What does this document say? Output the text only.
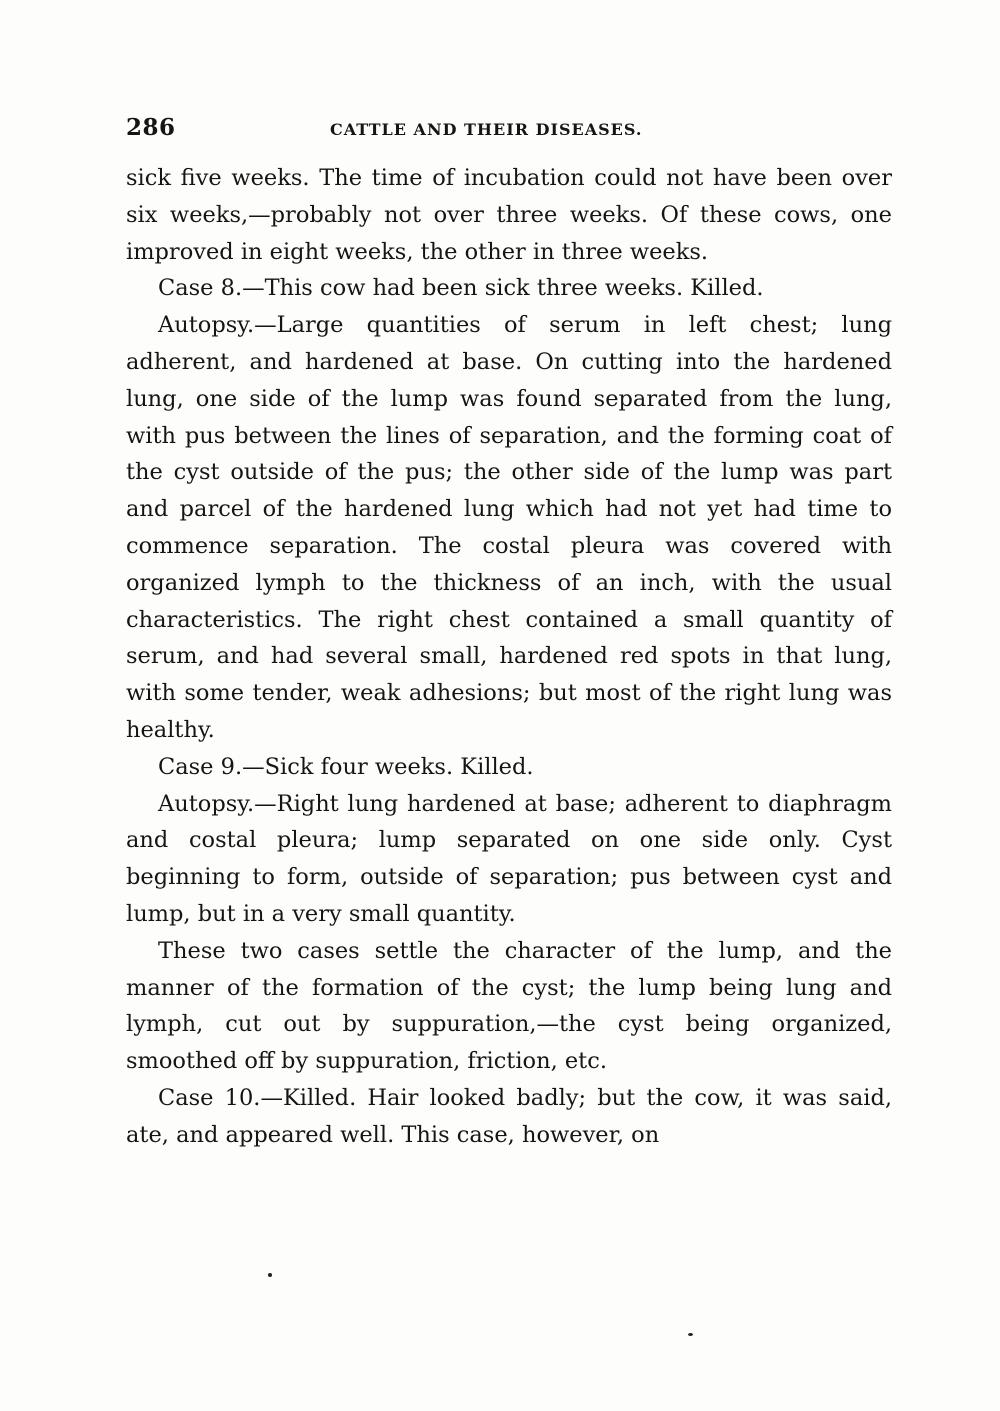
286	CATTLE AND THEIR DISEASES.

sick five weeks. The time of incubation could not have been over six weeks,—probably not over three weeks. Of these cows, one improved in eight weeks, the other in three weeks.

Case 8.—This cow had been sick three weeks. Killed.

Autopsy.—Large quantities of serum in left chest; lung adherent, and hardened at base. On cutting into the hardened lung, one side of the lump was found separated from the lung, with pus between the lines of separation, and the forming coat of the cyst outside of the pus; the other side of the lump was part and parcel of the hardened lung which had not yet had time to commence separation. The costal pleura was covered with organized lymph to the thickness of an inch, with the usual characteristics. The right chest contained a small quantity of serum, and had several small, hardened red spots in that lung, with some tender, weak adhesions; but most of the right lung was healthy.

Case 9.—Sick four weeks. Killed.

Autopsy.—Right lung hardened at base; adherent to diaphragm and costal pleura; lump separated on one side only. Cyst beginning to form, outside of separation; pus between cyst and lump, but in a very small quantity.

These two cases settle the character of the lump, and the manner of the formation of the cyst; the lump being lung and lymph, cut out by suppuration,—the cyst being organized, smoothed off by suppuration, friction, etc.

Case 10.—Killed. Hair looked badly; but the cow, it was said, ate, and appeared well. This case, however, on
